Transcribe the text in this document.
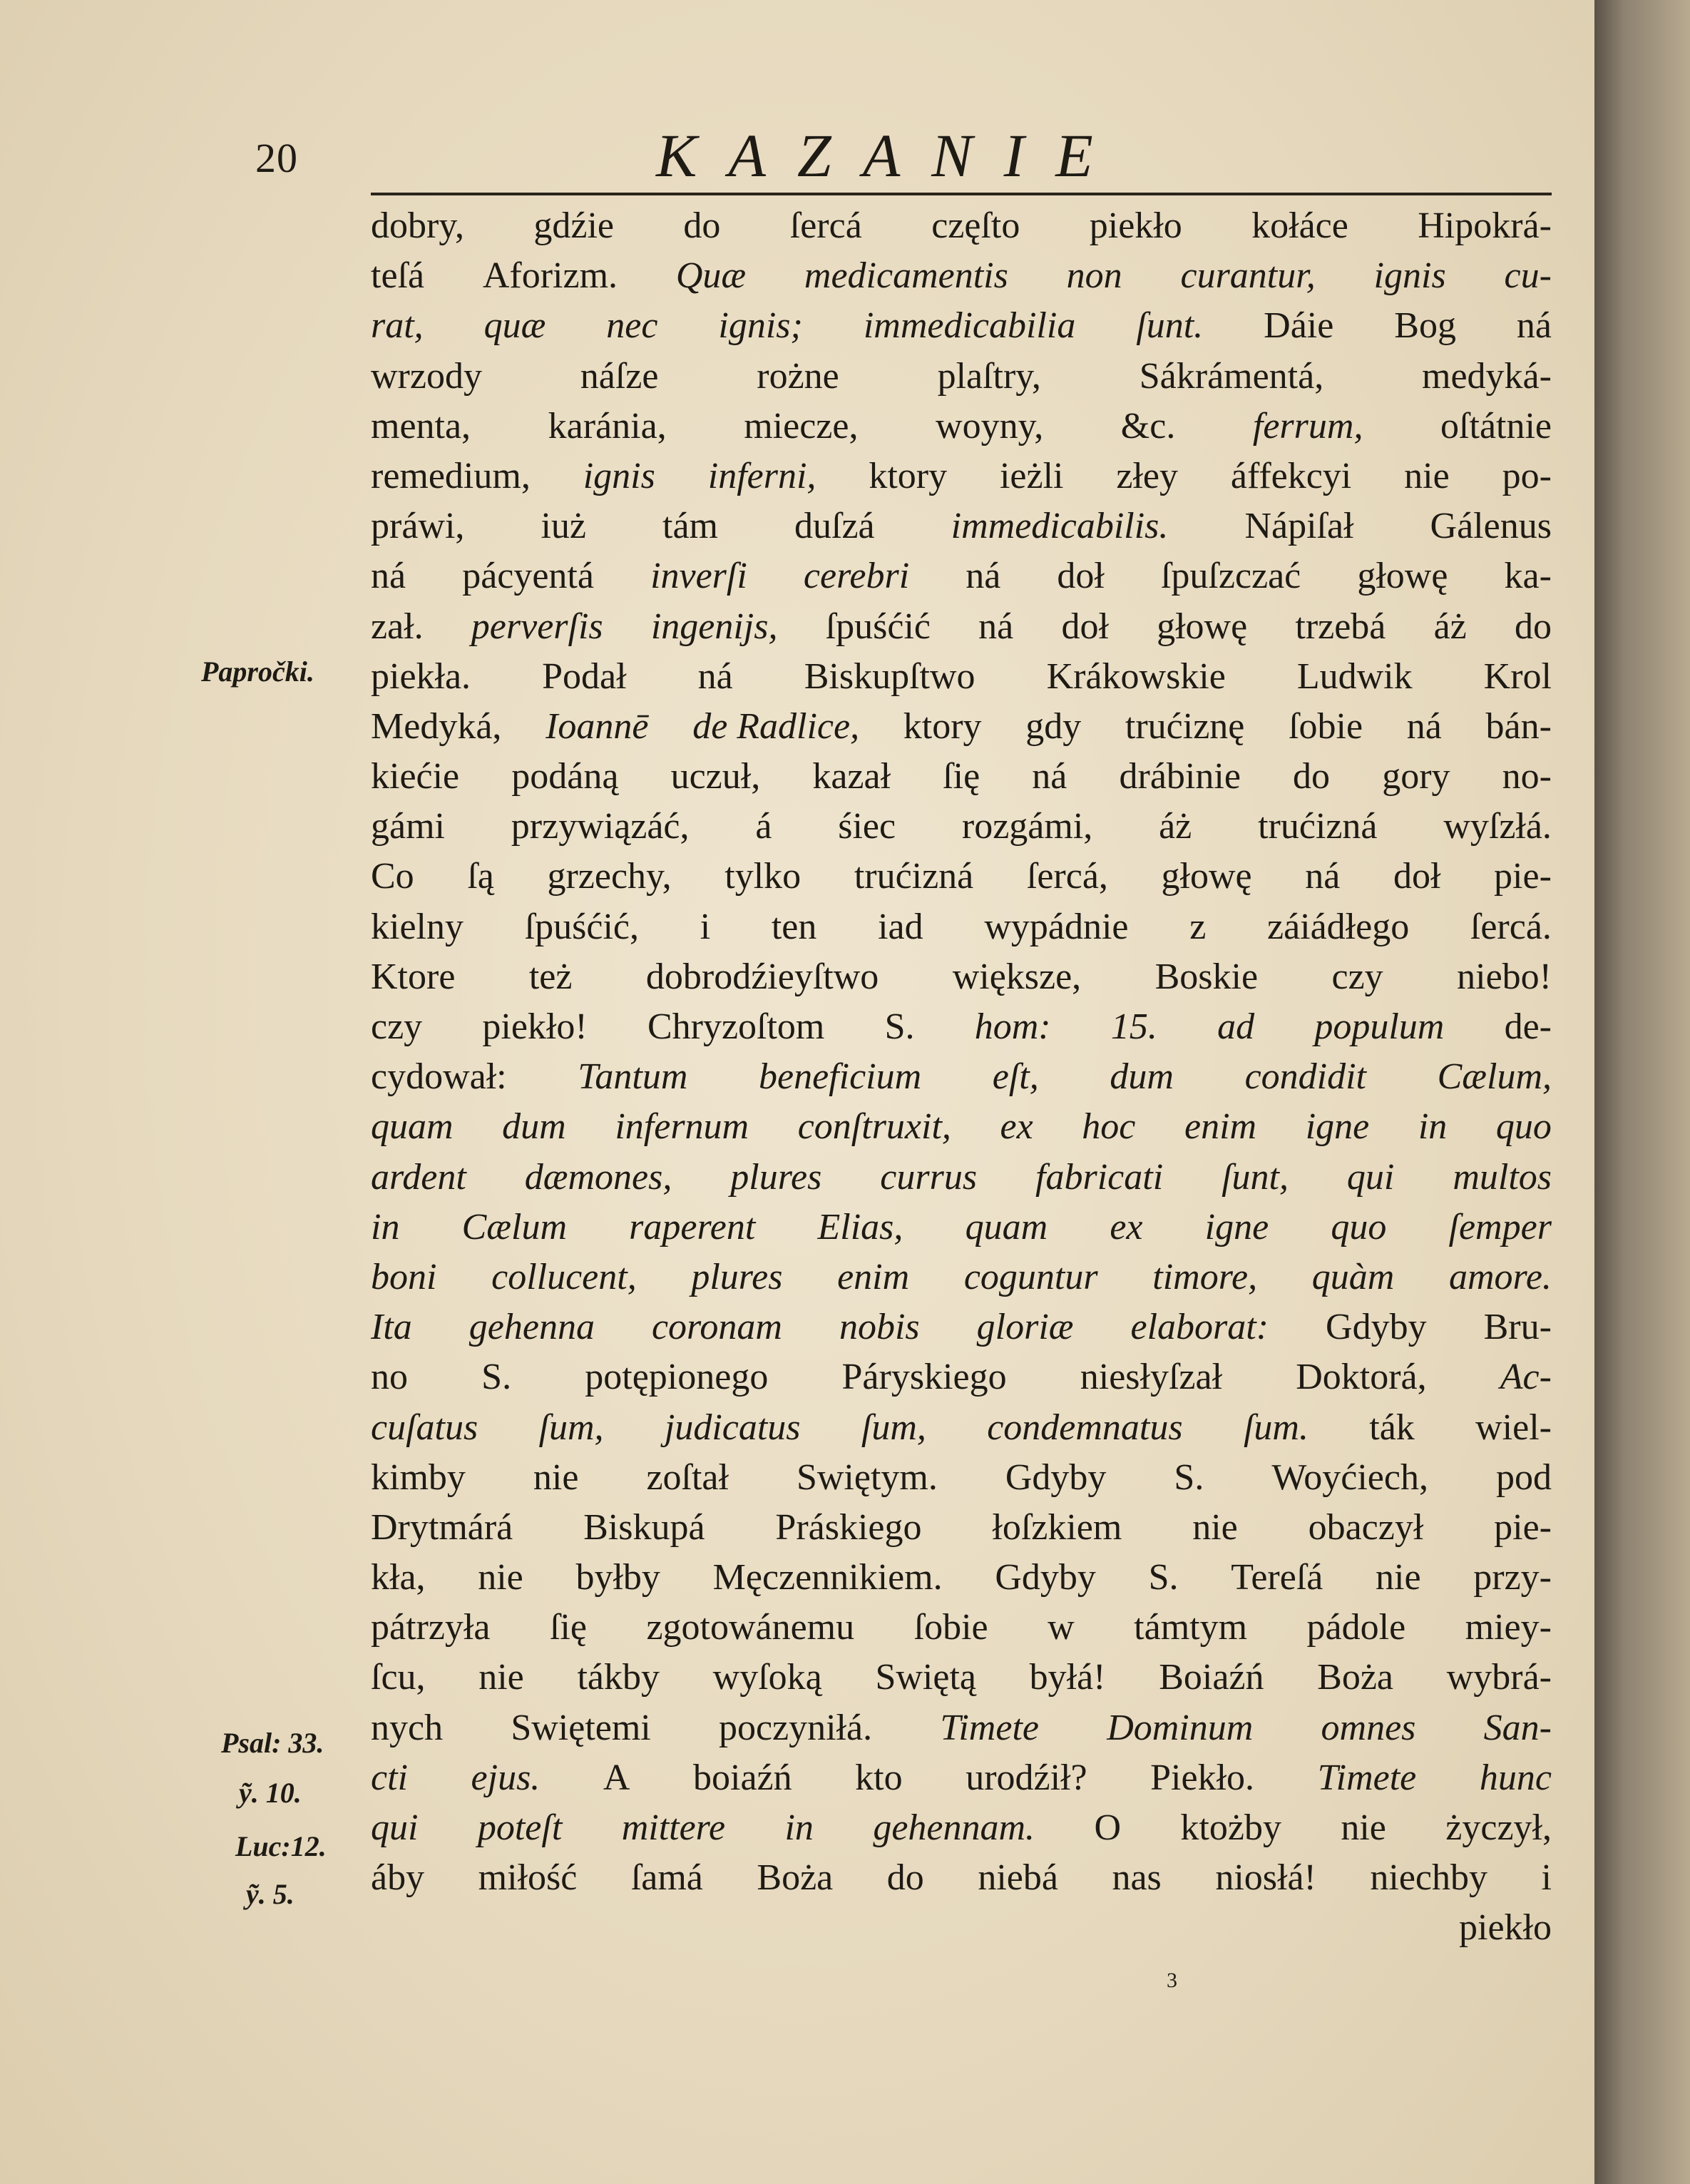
20	KAZANIE
Papročki.
Psal: 33.
ỹ. 10.
Luc:12.
ỹ. 5.
dobry, gdźie do ſercá częſto piekło kołáce Hipokrá-
teſá Aforizm. Quæ medicamentis non curantur, ignis cu-
rat, quæ nec ignis; immedicabilia ſunt. Dáie Bog ná
wrzody	náſze	rożne	plaſtry,	Sákrámentá,	medyká-
menta, karánia, miecze, woyny, &c. ferrum, oſtátnie
remedium, ignis inferni, ktory ieżli złey áffekcyi nie po-
práwi, iuż tám duſzá immedicabilis. Nápiſał Gálenus
ná pácyentá inverſi cerebri ná doł ſpuſzczać głowę ka-
zał. perverſis ingenijs, ſpuśćić ná doł głowę trzebá áż do
piekła. Podał ná Biskupſtwo Krákowskie Ludwik Krol
Medyká, Ioannē de Radlice, ktory gdy trućiznę ſobie ná bán-
kiećie podáną uczuł, kazał ſię ná drábinie do gory no-
gámi przywiązáć, á śiec rozgámi, áż trućizná wyſzłá.
Co ſą grzechy, tylko trućizná ſercá, głowę ná doł pie-
kielny ſpuśćić, i ten iad wypádnie z záiádłego ſercá.
Ktore też dobrodźieyſtwo większe, Boskie czy niebo!
czy piekło! Chryzoſtom S. hom: 15. ad populum de-
cydował: Tantum beneficium eſt, dum condidit Cælum,
quam dum infernum conſtruxit, ex hoc enim igne in quo
ardent dæmones, plures currus fabricati ſunt, qui multos
in Cælum raperent Elias, quam ex igne quo ſemper
boni collucent, plures enim coguntur timore, quàm amore.
Ita gehenna coronam nobis gloriæ elaborat: Gdyby Bru-
no S. potępionego Páryskiego niesłyſzał Doktorá, Ac-
cuſatus ſum, judicatus ſum, condemnatus ſum. ták wiel-
kimby nie zoſtał Swiętym. Gdyby S. Woyćiech, pod
Drytmárá Biskupá Práskiego łoſzkiem nie obaczył pie-
kła, nie byłby Męczennikiem. Gdyby S. Tereſá nie przy-
pátrzyła ſię zgotowánemu ſobie w támtym pádole miey-
ſcu, nie tákby wyſoką Swiętą byłá! Boiaźń Boża wybrá-
nych Swiętemi poczyniłá. Timete Dominum omnes San-
cti ejus. A boiaźń kto urodźił? Piekło. Timete hunc
qui poteſt mittere in gehennam. O ktożby nie życzył,
áby miłość ſamá Boża do niebá nas niosłá! niechby i
piekło
3
